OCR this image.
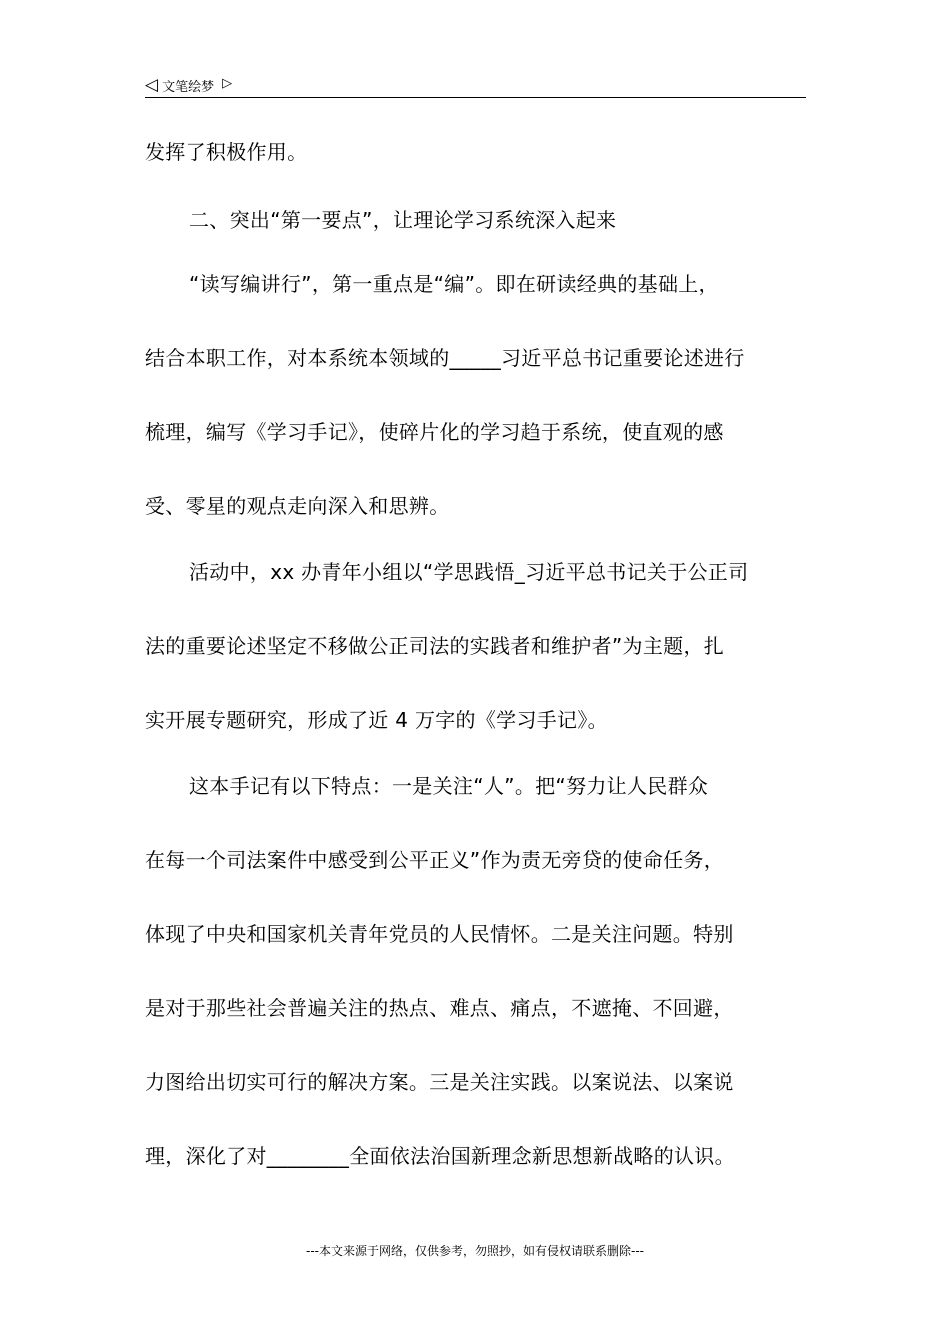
◁ 文笔绘梦 ▷
发挥了积极作用。
二、突出“第一要点”，让理论学习系统深入起来
“读写编讲行”，第一重点是“编”。即在研读经典的基础上，
结合本职工作，对本系统本领域的_____习近平总书记重要论述进行
梳理，编写《学习手记》，使碎片化的学习趋于系统，使直观的感
受、零星的观点走向深入和思辨。
活动中，xx 办青年小组以“学思践悟_习近平总书记关于公正司
法的重要论述坚定不移做公正司法的实践者和维护者”为主题，扎
实开展专题研究，形成了近 4 万字的《学习手记》。
这本手记有以下特点：一是关注“人”。把“努力让人民群众
在每一个司法案件中感受到公平正义”作为责无旁贷的使命任务，
体现了中央和国家机关青年党员的人民情怀。二是关注问题。特别
是对于那些社会普遍关注的热点、难点、痛点，不遮掩、不回避，
力图给出切实可行的解决方案。三是关注实践。以案说法、以案说
理，深化了对________全面依法治国新理念新思想新战略的认识。
---本文来源于网络，仅供参考，勿照抄，如有侵权请联系删除---
